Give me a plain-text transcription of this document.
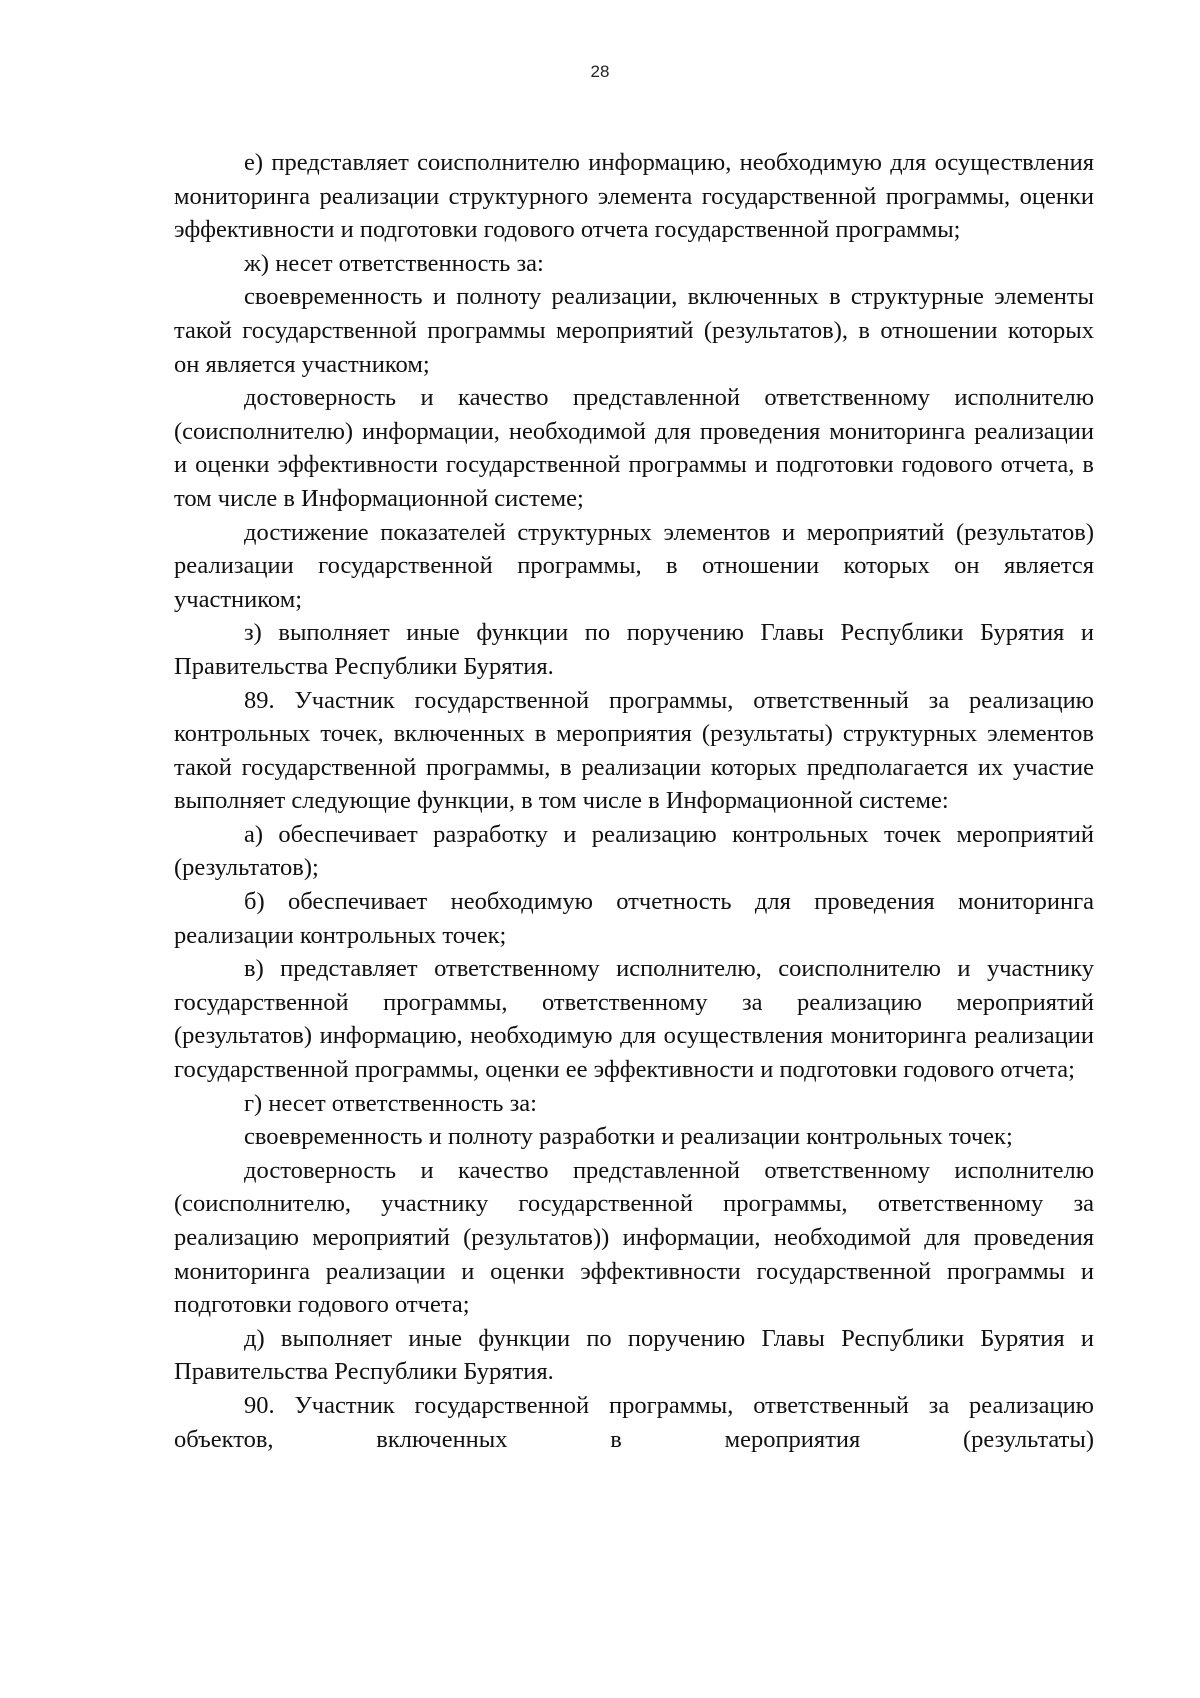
28

е) представляет соисполнителю информацию, необходимую для осуществления мониторинга реализации структурного элемента государственной программы, оценки эффективности и подготовки годового отчета государственной программы;

ж) несет ответственность за:

своевременность и полноту реализации, включенных в структурные элементы такой государственной программы мероприятий (результатов), в отношении которых он является участником;

достоверность и качество представленной ответственному исполнителю (соисполнителю) информации, необходимой для проведения мониторинга реализации и оценки эффективности государственной программы и подготовки годового отчета, в том числе в Информационной системе;

достижение показателей структурных элементов и мероприятий (результатов) реализации государственной программы, в отношении которых он является участником;

з) выполняет иные функции по поручению Главы Республики Бурятия и Правительства Республики Бурятия.

89. Участник государственной программы, ответственный за реализацию контрольных точек, включенных в мероприятия (результаты) структурных элементов такой государственной программы, в реализации которых предполагается их участие выполняет следующие функции, в том числе в Информационной системе:

а) обеспечивает разработку и реализацию контрольных точек мероприятий (результатов);

б) обеспечивает необходимую отчетность для проведения мониторинга реализации контрольных точек;

в) представляет ответственному исполнителю, соисполнителю и участнику государственной программы, ответственному за реализацию мероприятий (результатов) информацию, необходимую для осуществления мониторинга реализации государственной программы, оценки ее эффективности и подготовки годового отчета;

г) несет ответственность за:

своевременность и полноту разработки и реализации контрольных точек;

достоверность и качество представленной ответственному исполнителю (соисполнителю, участнику государственной программы, ответственному за реализацию мероприятий (результатов)) информации, необходимой для проведения мониторинга реализации и оценки эффективности государственной программы и подготовки годового отчета;

д) выполняет иные функции по поручению Главы Республики Бурятия и Правительства Республики Бурятия.

90. Участник государственной программы, ответственный за реализацию объектов, включенных в мероприятия (результаты)
